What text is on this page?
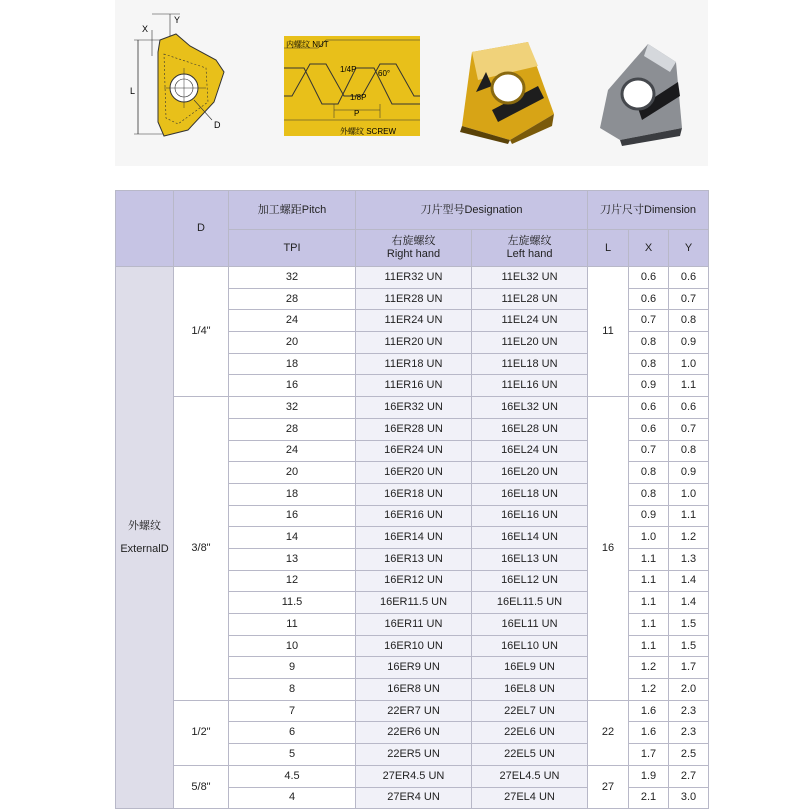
L
X
Y
D
内螺纹 NUT
1/4P	60°
1/8P
P
外螺纹 SCREW
	D	加工螺距Pitch	刀片型号Designation		刀片尺寸Dimension		
		TPI	右旋螺纹
Right hand	左旋螺纹
Left hand	L	X	Y

外螺纹
ExternalD	1/4"	32	11ER32 UN	11EL32 UN	11	0.6	0.6
		28	11ER28 UN	11EL28 UN		0.6	0.7
		24	11ER24 UN	11EL24 UN		0.7	0.8
		20	11ER20 UN	11EL20 UN		0.8	0.9
		18	11ER18 UN	11EL18 UN		0.8	1.0
		16	11ER16 UN	11EL16 UN		0.9	1.1
	3/8"	32	16ER32 UN	16EL32 UN	16	0.6	0.6
		28	16ER28 UN	16EL28 UN		0.6	0.7
		24	16ER24 UN	16EL24 UN		0.7	0.8
		20	16ER20 UN	16EL20 UN		0.8	0.9
		18	16ER18 UN	16EL18 UN		0.8	1.0
		16	16ER16 UN	16EL16 UN		0.9	1.1
		14	16ER14 UN	16EL14 UN		1.0	1.2
		13	16ER13 UN	16EL13 UN		1.1	1.3
		12	16ER12 UN	16EL12 UN		1.1	1.4
		11.5	16ER11.5 UN	16EL11.5 UN		1.1	1.4
		11	16ER11 UN	16EL11 UN		1.1	1.5
		10	16ER10 UN	16EL10 UN		1.1	1.5
		9	16ER9 UN	16EL9 UN		1.2	1.7
		8	16ER8 UN	16EL8 UN		1.2	2.0
	1/2"	7	22ER7 UN	22EL7 UN	22	1.6	2.3
		6	22ER6 UN	22EL6 UN		1.6	2.3
		5	22ER5 UN	22EL5 UN		1.7	2.5
	5/8"	4.5	27ER4.5 UN	27EL4.5 UN	27	1.9	2.7
		4	27ER4 UN	27EL4 UN		2.1	3.0
